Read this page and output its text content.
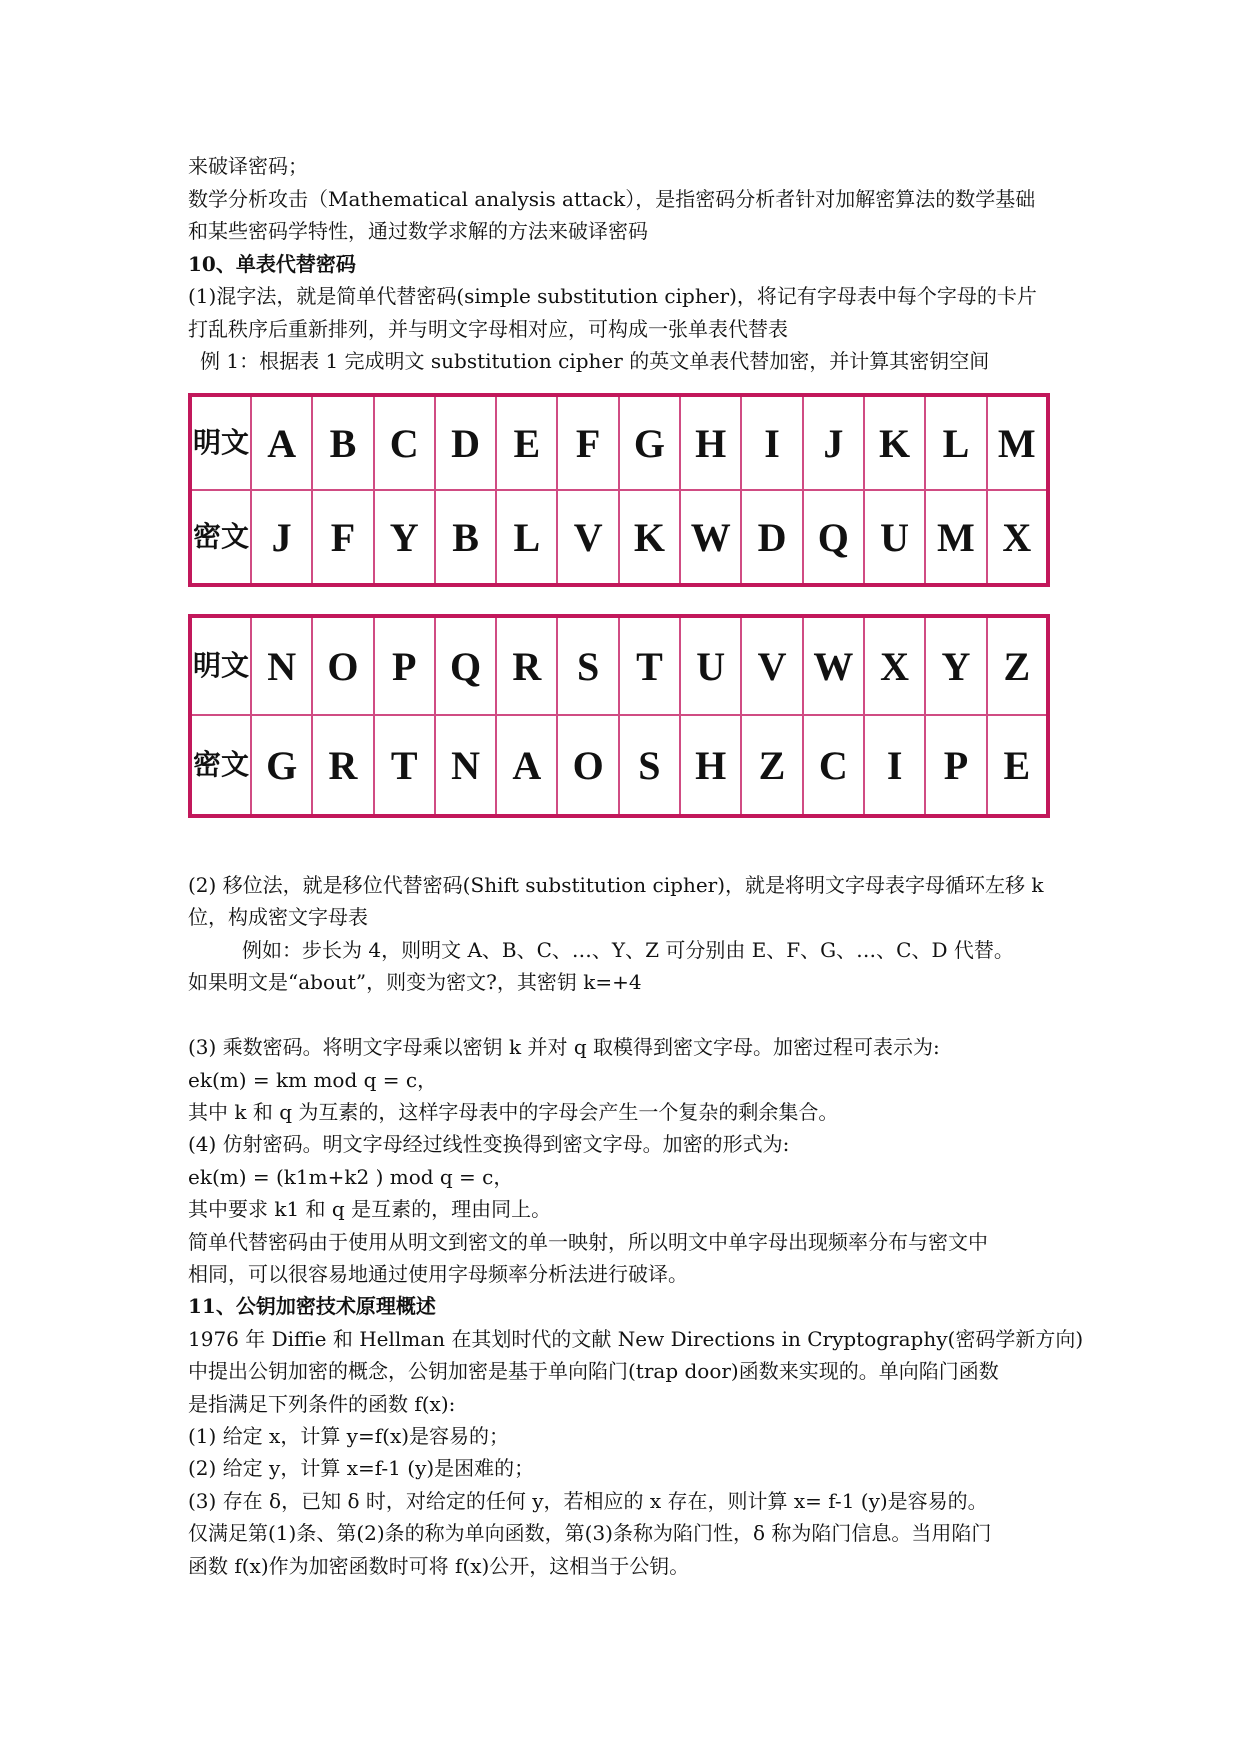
来破译密码；
数学分析攻击（Mathematical analysis attack），是指密码分析者针对加解密算法的数学基础
和某些密码学特性，通过数学求解的方法来破译密码
10、单表代替密码
(1)混字法，就是简单代替密码(simple substitution cipher)，将记有字母表中每个字母的卡片
打乱秩序后重新排列，并与明文字母相对应，可构成一张单表代替表
例 1：根据表 1 完成明文 substitution cipher 的英文单表代替加密，并计算其密钥空间
明文	A	B	C	D	E	F	G	H	I	J	K	L	M
密文	J	F	Y	B	L	V	K	W	D	Q	U	M	X
明文	N	O	P	Q	R	S	T	U	V	W	X	Y	Z
密文	G	R	T	N	A	O	S	H	Z	C	I	P	E
(2) 移位法，就是移位代替密码(Shift substitution cipher)，就是将明文字母表字母循环左移 k
位，构成密文字母表
例如：步长为 4，则明文 A、B、C、…、Y、Z 可分别由 E、F、G、…、C、D 代替。
如果明文是“about”，则变为密文?，其密钥 k=+4
(3) 乘数密码。将明文字母乘以密钥 k 并对 q 取模得到密文字母。加密过程可表示为:
ek(m) = km mod q = c，
其中 k 和 q 为互素的，这样字母表中的字母会产生一个复杂的剩余集合。
(4) 仿射密码。明文字母经过线性变换得到密文字母。加密的形式为:
ek(m) = (k1m+k2 ) mod q = c，
其中要求 k1 和 q 是互素的，理由同上。
简单代替密码由于使用从明文到密文的单一映射，所以明文中单字母出现频率分布与密文中
相同，可以很容易地通过使用字母频率分析法进行破译。
11、公钥加密技术原理概述
1976 年 Diffie 和 Hellman 在其划时代的文献 New Directions in Cryptography(密码学新方向)
中提出公钥加密的概念，公钥加密是基于单向陷门(trap door)函数来实现的。单向陷门函数
是指满足下列条件的函数 f(x):
(1) 给定 x，计算 y=f(x)是容易的；
(2) 给定 y，计算 x=f-1 (y)是困难的；
(3) 存在 δ，已知 δ 时，对给定的任何 y，若相应的 x 存在，则计算 x= f-1 (y)是容易的。
仅满足第(1)条、第(2)条的称为单向函数，第(3)条称为陷门性，δ 称为陷门信息。当用陷门
函数 f(x)作为加密函数时可将 f(x)公开，这相当于公钥。
